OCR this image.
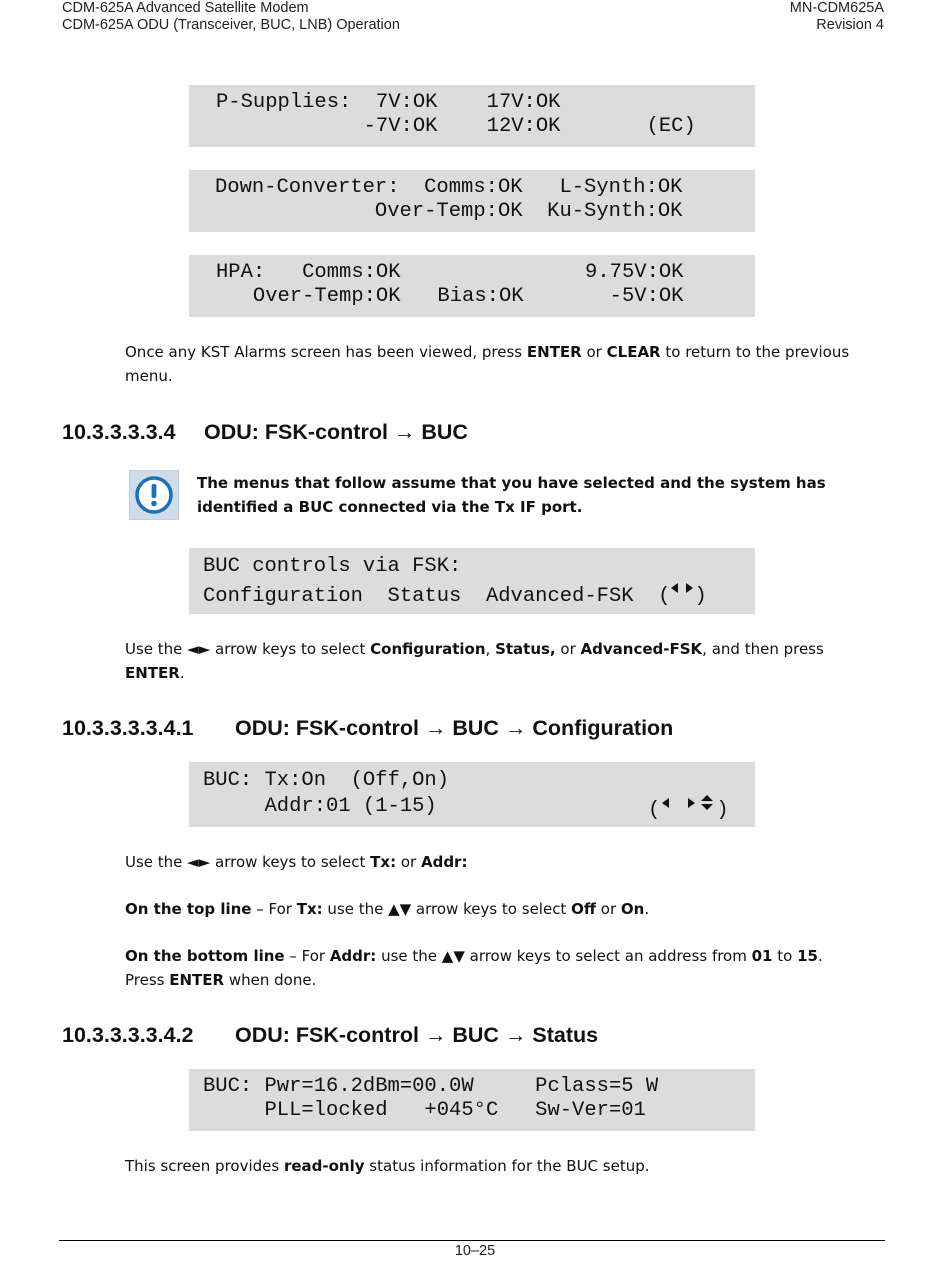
CDM-625A Advanced Satellite Modem
CDM-625A ODU (Transceiver, BUC, LNB) Operation
MN-CDM625A
Revision 4
P-Supplies:  7V:OK    17V:OK
-7V:OK    12V:OK       (EC)
Down-Converter:  Comms:OK   L-Synth:OK
Over-Temp:OK  Ku-Synth:OK
HPA:   Comms:OK               9.75V:OK
Over-Temp:OK   Bias:OK       -5V:OK
Once any KST Alarms screen has been viewed, press ENTER or CLEAR to return to the previous menu.
10.3.3.3.3.4 ODU: FSK-control → BUC
The menus that follow assume that you have selected and the system has identified a BUC connected via the Tx IF port.
BUC controls via FSK:
Configuration  Status  Advanced-FSK  ( )
Use the ◄► arrow keys to select Configuration, Status, or Advanced-FSK, and then press ENTER.
10.3.3.3.3.4.1 ODU: FSK-control → BUC → Configuration
BUC: Tx:On  (Off,On)
Addr:01 (1-15)	(	)
Use the ◄► arrow keys to select Tx: or Addr:
On the top line – For Tx: use the ▲▼ arrow keys to select Off or On.
On the bottom line – For Addr: use the ▲▼ arrow keys to select an address from 01 to 15.
Press ENTER when done.
10.3.3.3.3.4.2 ODU: FSK-control → BUC → Status
BUC: Pwr=16.2dBm=00.0W     Pclass=5 W
PLL=locked   +045°C   Sw-Ver=01
This screen provides read-only status information for the BUC setup.
10–25
